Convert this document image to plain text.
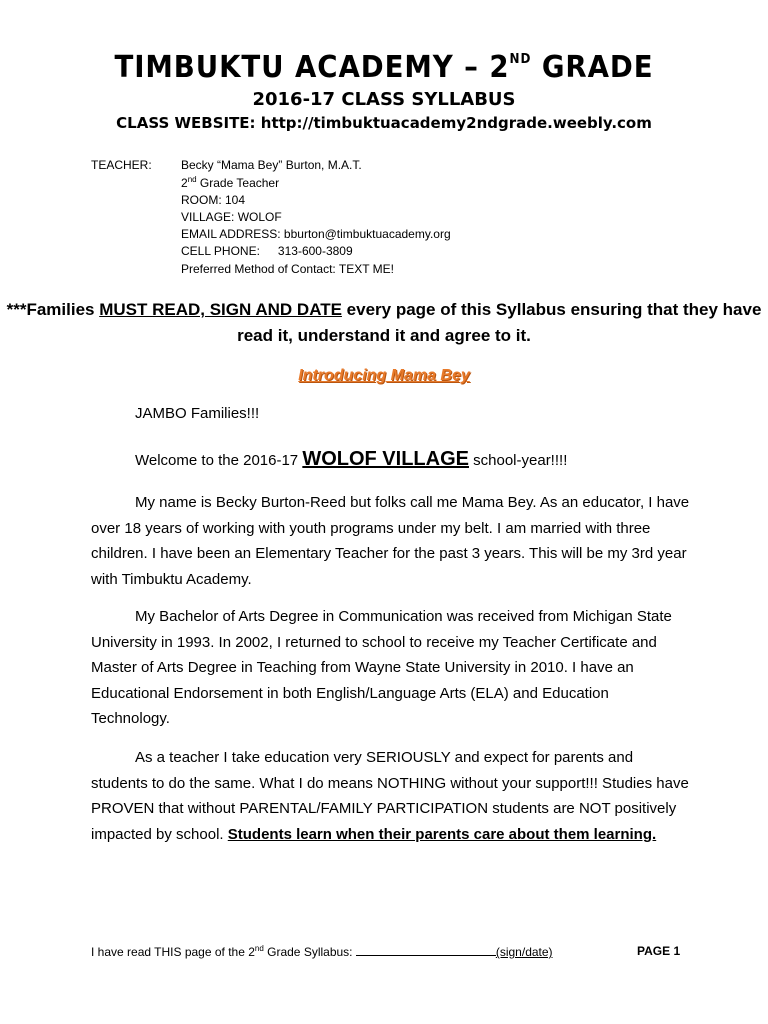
TIMBUKTU ACADEMY – 2ND GRADE
2016-17 CLASS SYLLABUS
CLASS WEBSITE: http://timbuktuacademy2ndgrade.weebly.com
TEACHER: Becky “Mama Bey” Burton, M.A.T.
2nd Grade Teacher
ROOM: 104
VILLAGE: WOLOF
EMAIL ADDRESS: bburton@timbuktuacademy.org
CELL PHONE: 313-600-3809
Preferred Method of Contact: TEXT ME!
***Families MUST READ, SIGN AND DATE every page of this Syllabus ensuring that they have read it, understand it and agree to it.
Introducing Mama Bey
JAMBO Families!!!
Welcome to the 2016-17 WOLOF VILLAGE school-year!!!!
My name is Becky Burton-Reed but folks call me Mama Bey. As an educator, I have over 18 years of working with youth programs under my belt. I am married with three children. I have been an Elementary Teacher for the past 3 years. This will be my 3rd year with Timbuktu Academy.
My Bachelor of Arts Degree in Communication was received from Michigan State University in 1993. In 2002, I returned to school to receive my Teacher Certificate and Master of Arts Degree in Teaching from Wayne State University in 2010. I have an Educational Endorsement in both English/Language Arts (ELA) and Education Technology.
As a teacher I take education very SERIOUSLY and expect for parents and students to do the same. What I do means NOTHING without your support!!! Studies have PROVEN that without PARENTAL/FAMILY PARTICIPATION students are NOT positively impacted by school. Students learn when their parents care about them learning.
I have read THIS page of the 2nd Grade Syllabus:	(sign/date)	PAGE 1
